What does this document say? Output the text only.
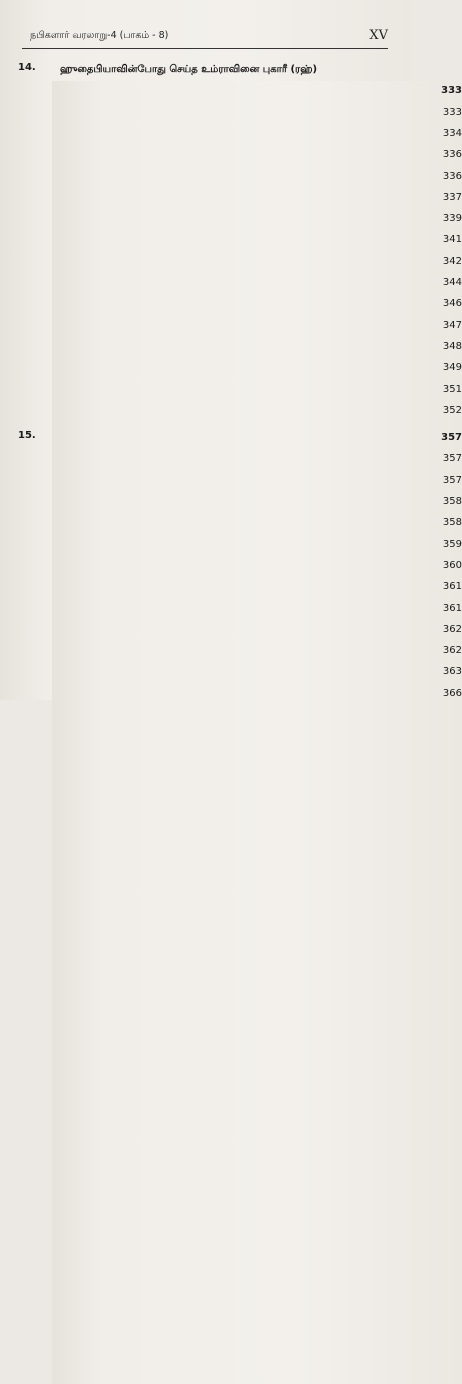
நபிகளார் வரலாறு-4 (பாகம் - 8)	XV
14. ஹுதைபியாவின்போது செய்த உம்ராவினை புகாரீ (ரஹ்)
333
333
334
336
336
337
339
341
342
344
346
347
348
349
351
352
15.	357
357
357
358
358
359
360
361
361
362
362
363
366
